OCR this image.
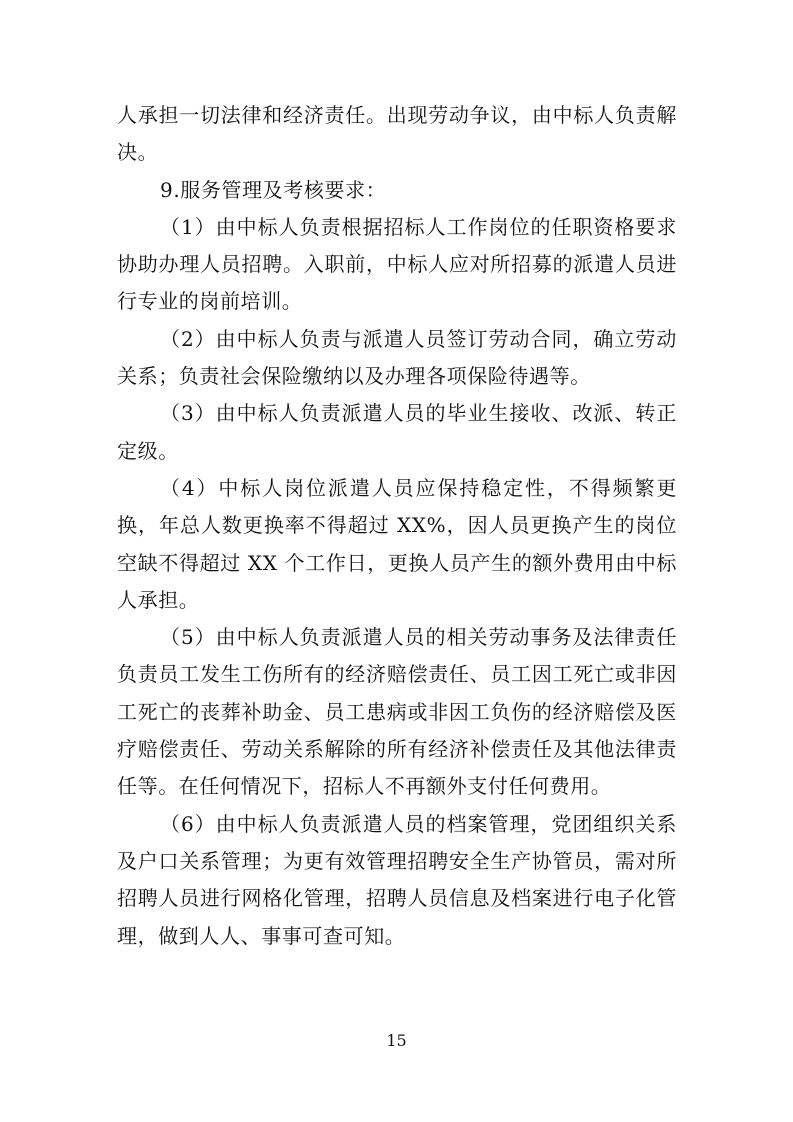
人承担一切法律和经济责任。出现劳动争议，由中标人负责解决。

9.服务管理及考核要求：

（1）由中标人负责根据招标人工作岗位的任职资格要求协助办理人员招聘。入职前，中标人应对所招募的派遣人员进行专业的岗前培训。

（2）由中标人负责与派遣人员签订劳动合同，确立劳动关系；负责社会保险缴纳以及办理各项保险待遇等。

（3）由中标人负责派遣人员的毕业生接收、改派、转正定级。

（4）中标人岗位派遣人员应保持稳定性，不得频繁更换，年总人数更换率不得超过 XX%，因人员更换产生的岗位空缺不得超过 XX 个工作日，更换人员产生的额外费用由中标人承担。

（5）由中标人负责派遣人员的相关劳动事务及法律责任负责员工发生工伤所有的经济赔偿责任、员工因工死亡或非因工死亡的丧葬补助金、员工患病或非因工负伤的经济赔偿及医疗赔偿责任、劳动关系解除的所有经济补偿责任及其他法律责任等。在任何情况下，招标人不再额外支付任何费用。

（6）由中标人负责派遣人员的档案管理，党团组织关系及户口关系管理；为更有效管理招聘安全生产协管员，需对所招聘人员进行网格化管理，招聘人员信息及档案进行电子化管理，做到人人、事事可查可知。

15
